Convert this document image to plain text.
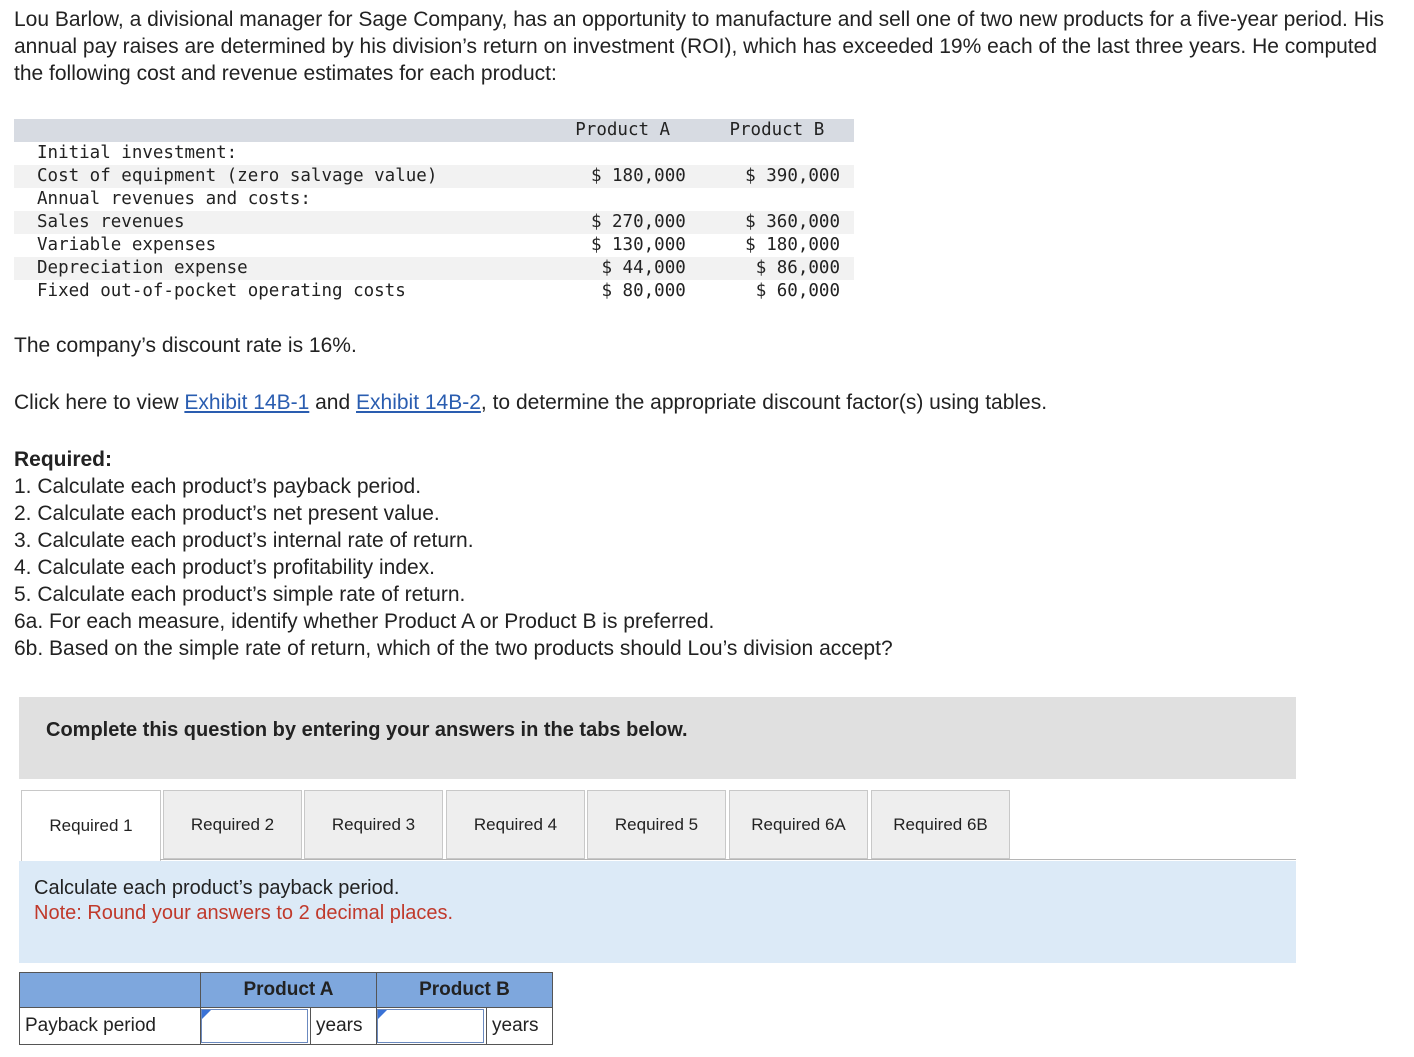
Lou Barlow, a divisional manager for Sage Company, has an opportunity to manufacture and sell one of two new products for a five-year period. His annual pay raises are determined by his division’s return on investment (ROI), which has exceeded 19% each of the last three years. He computed the following cost and revenue estimates for each product:

	Product A	Product B
Initial investment:		
Cost of equipment (zero salvage value)	$ 180,000	$ 390,000
Annual revenues and costs:		
Sales revenues	$ 270,000	$ 360,000
Variable expenses	$ 130,000	$ 180,000
Depreciation expense	$ 44,000	$ 86,000
Fixed out-of-pocket operating costs	$ 80,000	$ 60,000

The company’s discount rate is 16%.

Click here to view Exhibit 14B-1 and Exhibit 14B-2, to determine the appropriate discount factor(s) using tables.

Required:
1. Calculate each product’s payback period.
2. Calculate each product’s net present value.
3. Calculate each product’s internal rate of return.
4. Calculate each product’s profitability index.
5. Calculate each product’s simple rate of return.
6a. For each measure, identify whether Product A or Product B is preferred.
6b. Based on the simple rate of return, which of the two products should Lou’s division accept?
Complete this question by entering your answers in the tabs below.
Required 1	Required 2	Required 3	Required 4	Required 5	Required 6A	Required 6B
Calculate each product’s payback period.
Note: Round your answers to 2 decimal places.
	Product A		Product B	
Payback period		years		years
